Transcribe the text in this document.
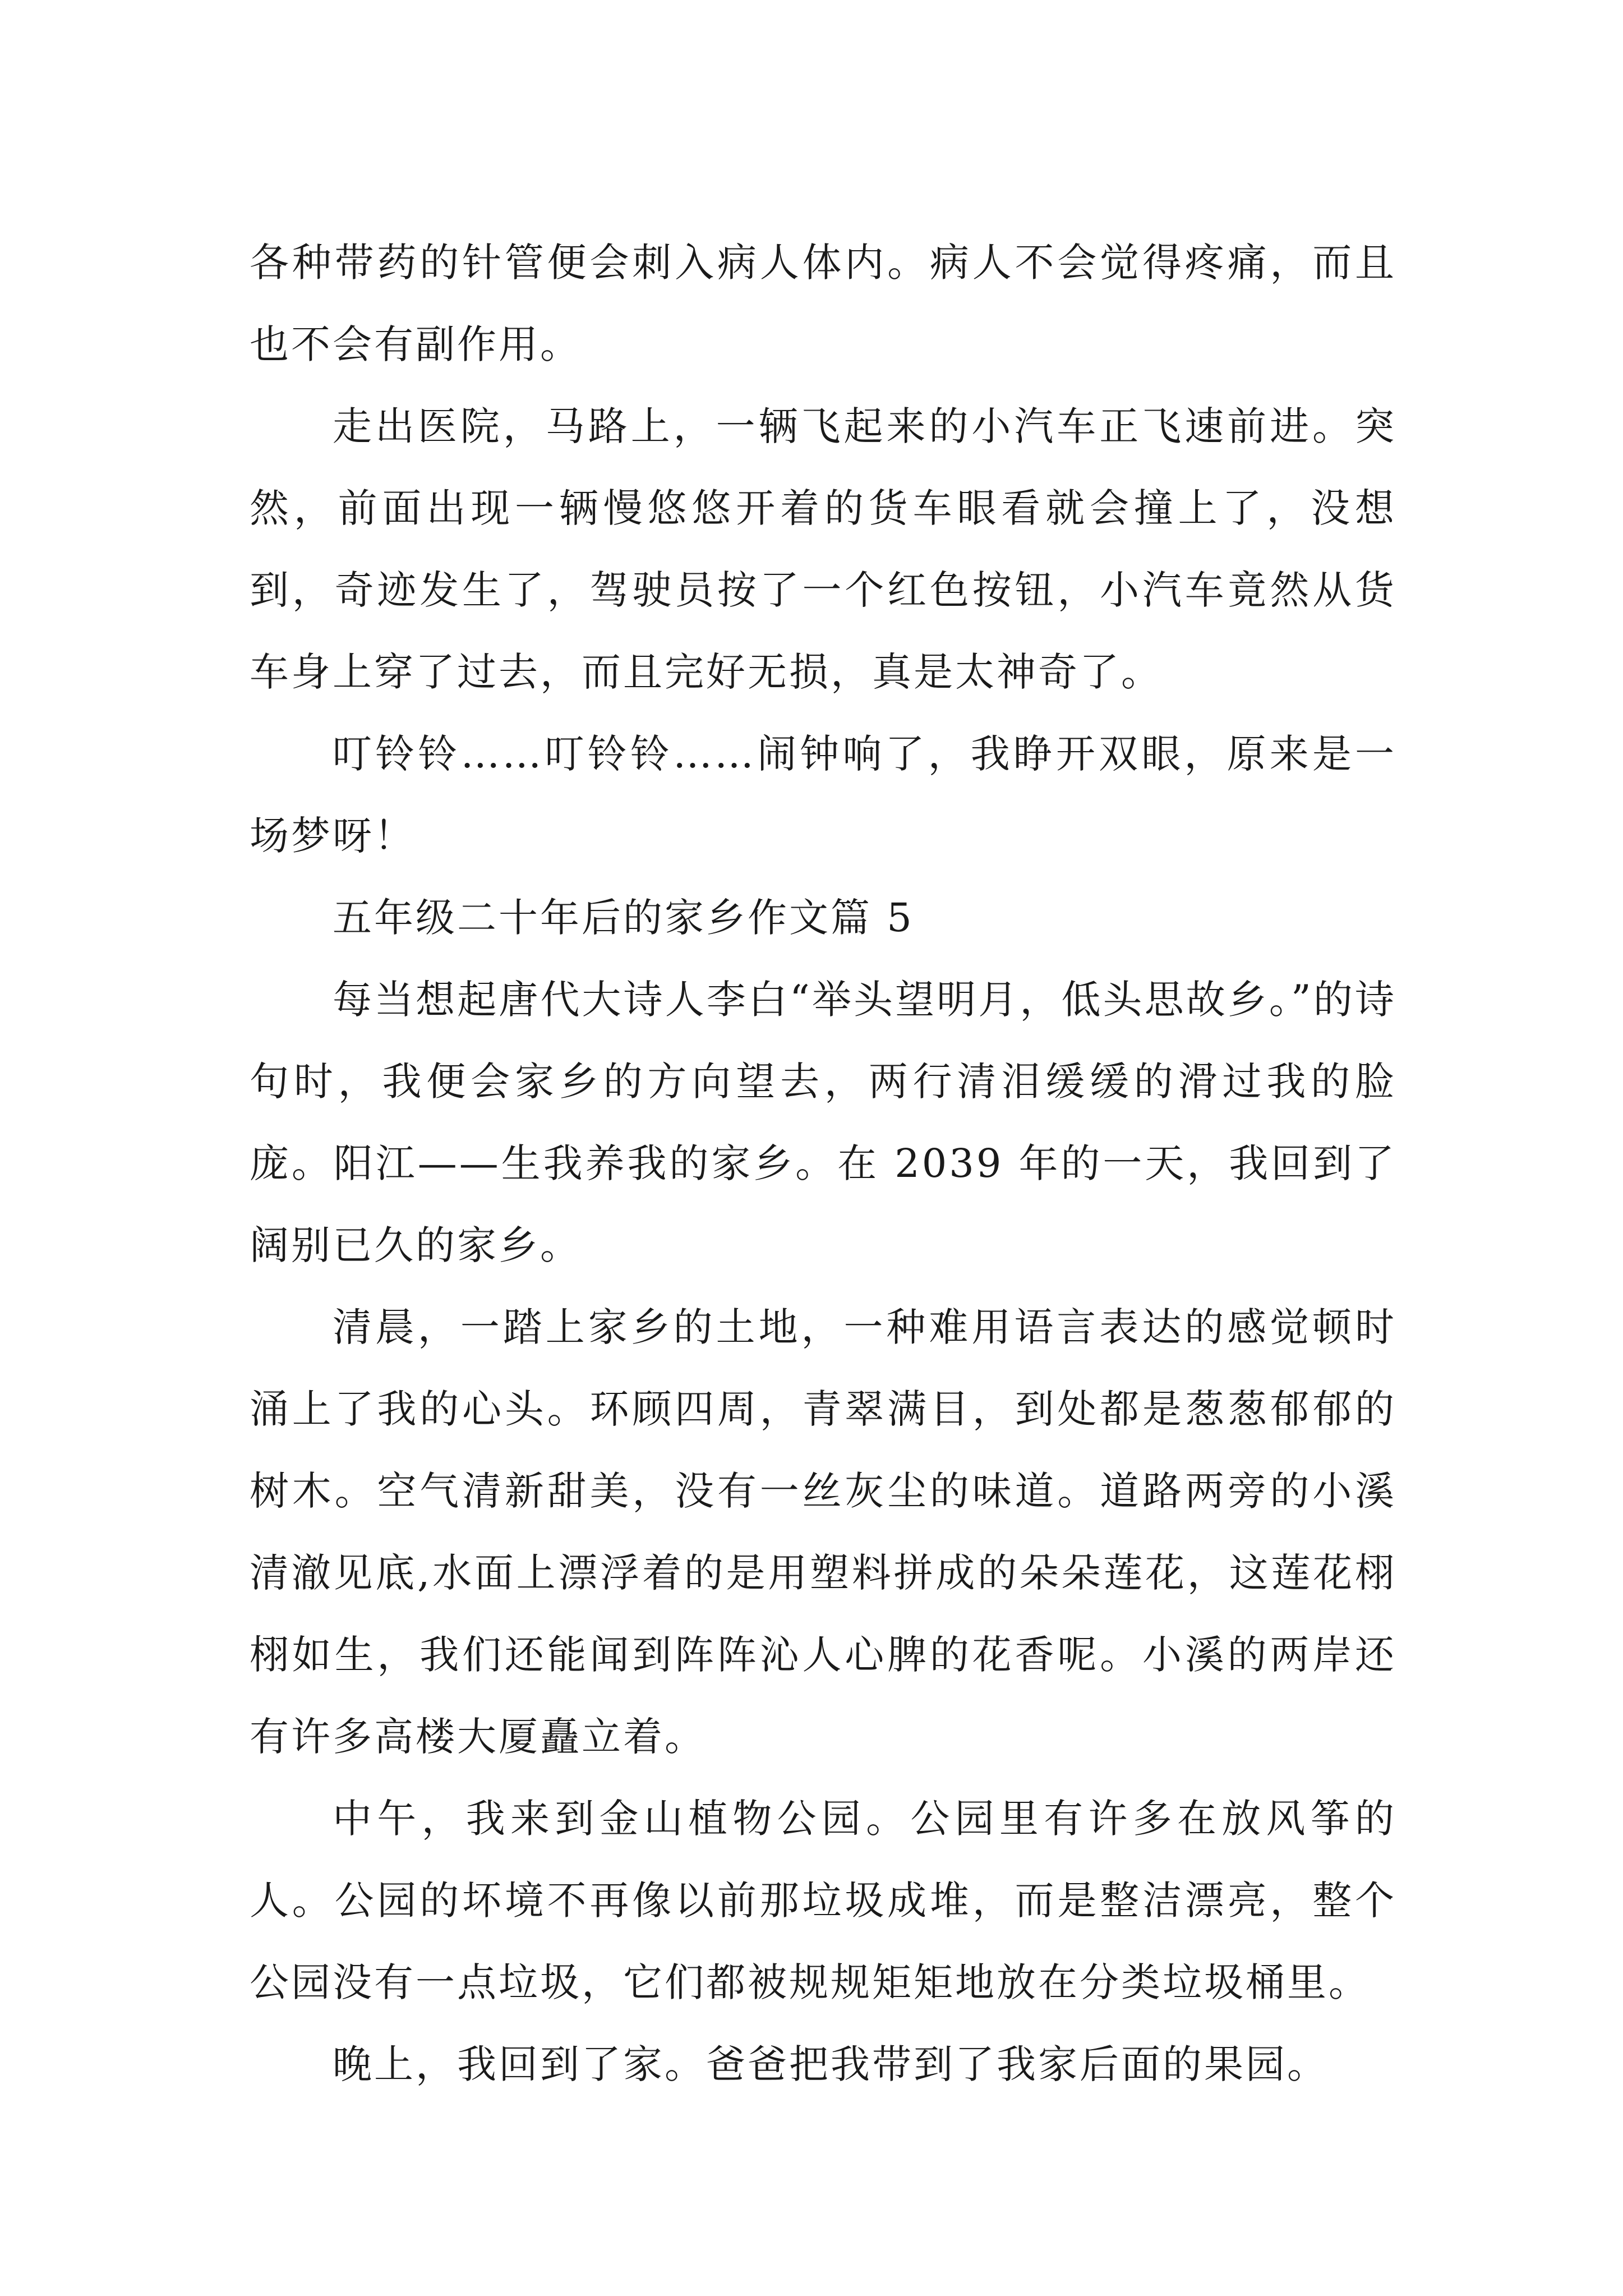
各种带药的针管便会刺入病人体内。病人不会觉得疼痛，而且也不会有副作用。

走出医院，马路上，一辆飞起来的小汽车正飞速前进。突然，前面出现一辆慢悠悠开着的货车眼看就会撞上了，没想到，奇迹发生了，驾驶员按了一个红色按钮，小汽车竟然从货车身上穿了过去，而且完好无损，真是太神奇了。

叮铃铃……叮铃铃……闹钟响了，我睁开双眼，原来是一场梦呀！

五年级二十年后的家乡作文篇 5

每当想起唐代大诗人李白“举头望明月，低头思故乡。”的诗句时，我便会家乡的方向望去，两行清泪缓缓的滑过我的脸庞。阳江——生我养我的家乡。在 2039 年的一天，我回到了阔别已久的家乡。

清晨，一踏上家乡的土地，一种难用语言表达的感觉顿时涌上了我的心头。环顾四周，青翠满目，到处都是葱葱郁郁的树木。空气清新甜美，没有一丝灰尘的味道。道路两旁的小溪清澈见底,水面上漂浮着的是用塑料拼成的朵朵莲花，这莲花栩栩如生，我们还能闻到阵阵沁人心脾的花香呢。小溪的两岸还有许多高楼大厦矗立着。

中午，我来到金山植物公园。公园里有许多在放风筝的人。公园的坏境不再像以前那垃圾成堆，而是整洁漂亮，整个公园没有一点垃圾，它们都被规规矩矩地放在分类垃圾桶里。

晚上，我回到了家。爸爸把我带到了我家后面的果园。
